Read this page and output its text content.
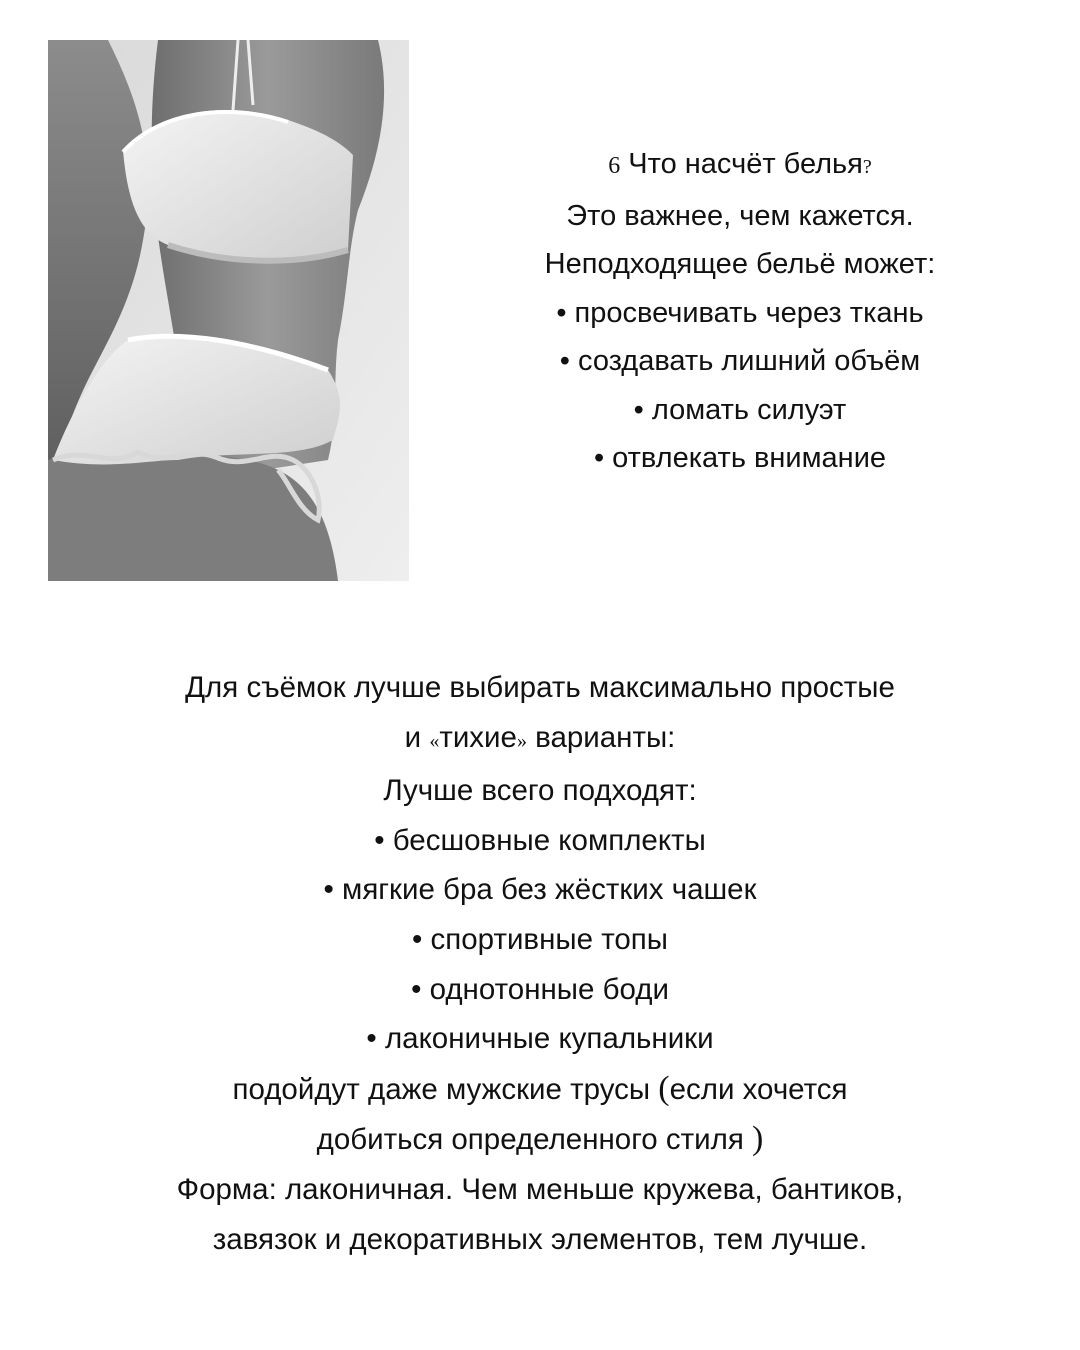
6 Что насчёт белья?

Это важнее, чем кажется.

Неподходящее бельё может:

• просвечивать через ткань

• создавать лишний объём

• ломать силуэт

• отвлекать внимание

Для съёмок лучше выбирать максимально простые

и «тихие» варианты:

Лучше всего подходят:

• бесшовные комплекты

• мягкие бра без жёстких чашек

• спортивные топы

• однотонные боди

• лаконичные купальники

подойдут даже мужские трусы (если хочется

добиться определенного стиля )

Форма: лаконичная. Чем меньше кружева, бантиков,

завязок и декоративных элементов, тем лучше.
